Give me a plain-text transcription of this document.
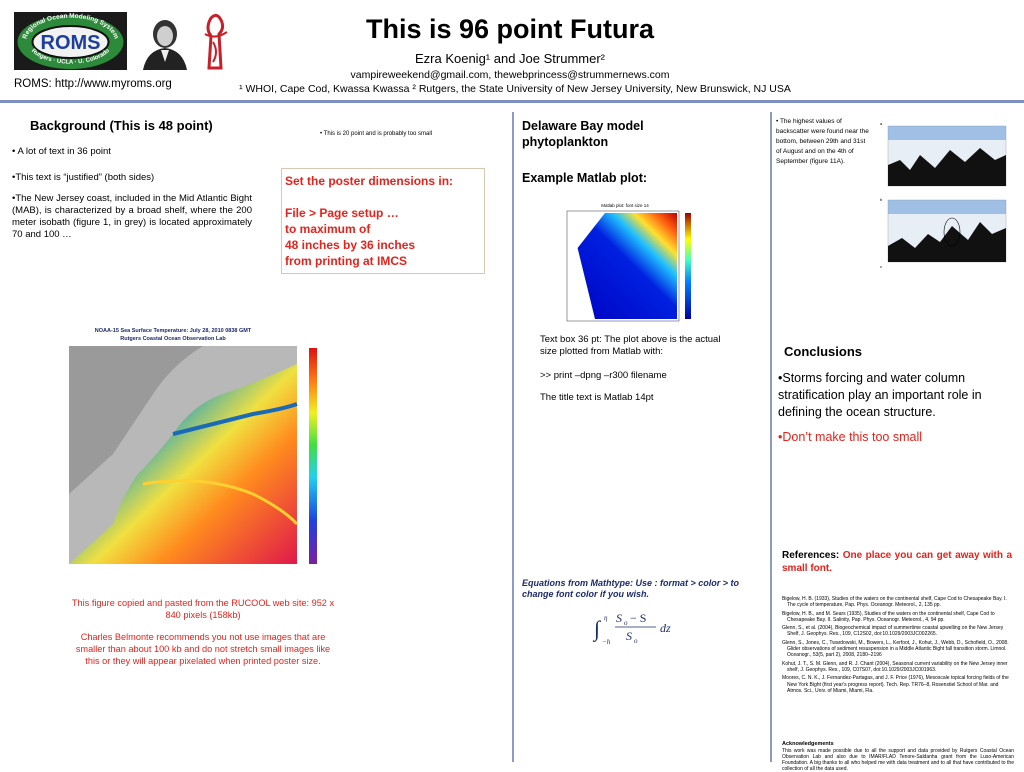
ROMS
Regional Ocean Modeling System
Rutgers · UCLA · U. Colorado
This is 96 point Futura
Ezra Koenig¹ and Joe Strummer²
vampireweekend@gmail.com, thewebprincess@strummernews.com
¹ WHOI, Cape Cod, Kwassa Kwassa ² Rutgers, the State University of New Jersey University, New Brunswick, NJ USA
ROMS: http://www.myroms.org
Background (This is 48 point)
• A lot of text in 36 point
•This text is “justified” (both sides)
•The New Jersey coast, included in the Mid Atlantic Bight (MAB), is characterized by a broad shelf, where the 200 meter isobath (figure 1, in grey) is located approximately 70 and 100 …
• This is 20 point and is probably too small
Set the poster dimensions in:
File > Page setup …
to maximum of
48 inches by 36 inches
from printing at IMCS
NOAA-15 Sea Surface Temperature: July 28, 2010 0838 GMT
Rutgers Coastal Ocean Observation Lab
This figure copied and pasted from the RUCOOL web site: 952 x 840 pixels (158kb)
Charles Belmonte recommends you not use images that are smaller than about 100 kb and do not stretch small images like this or they will appear pixelated when printed poster size.
Delaware Bay model
phytoplankton
Example Matlab plot:
Matlab plot: font size 14
Text box 36 pt: The plot above is the actual size plotted from Matlab with:
>> print –dpng –r300 filename
The title text is Matlab 14pt
Equations from Mathtype: Use : format > color > to change font color if you wish.
∫ η
−h
S o − S
S o
dz
• The highest values of backscatter were found near the bottom, between 29th and 31st of August and on the 4th of September (figure 11A).
a
b
c
Conclusions
•Storms forcing and water column stratification play an important role in defining the ocean structure.
•Don’t make this too small
References: One place you can get away with a small font.

Bigelow, H. B. (1933), Studies of the waters on the continental shelf, Cape Cod to Chesapeake Bay. I. The cycle of temperature, Pap. Phys. Oceanogr. Meteorol., 2, 135 pp.

Bigelow, H. B., and M. Sears (1935), Studies of the waters on the continental shelf, Cape Cod to Chesapeake Bay. II. Salinity, Pap. Phys. Oceanogr. Meteorol., 4, 94 pp.

Glenn, S., et al. (2004), Biogeochemical impact of summertime coastal upwelling on the New Jersey Shelf, J. Geophys. Res., 109, C12S02, doi:10.1029/2003JC002265.

Glenn, S., Jones, C., Twardowski, M., Bowers, L., Kerfoot, J., Kohut, J., Webb, D., Schofield, O., 2008. Glider observations of sediment resuspension in a Middle Atlantic Bight fall transition storm. Limnol. Oceanogr., 53(5, part 2), 2008, 2180–2196

Kohut, J. T., S. M. Glenn, and R. J. Chant (2004), Seasonal current variability on the New Jersey inner shelf, J. Geophys. Res., 109, C07S07, doi:10.1029/2003JC001963.

Moores, C. N. K., J. Fernandez-Partagas, and J. F. Price (1976), Mesoscale topical forcing fields of the New York Bight (first year's progress report). Tech. Rep. TR76–8, Rosenstiel School of Mar. and Atmos. Sci., Univ. of Miami, Miami, Fla.

Acknowledgements
This work was made possible due to all the support and data provided by Rutgers Coastal Ocean Observation Lab and also due to IMAR/FLAD Tenore-Saldanha grant from the Luso-American Foundation. A big thanks to all who helped me with data treatment and to all that have contributed to the collection of all the data used.
